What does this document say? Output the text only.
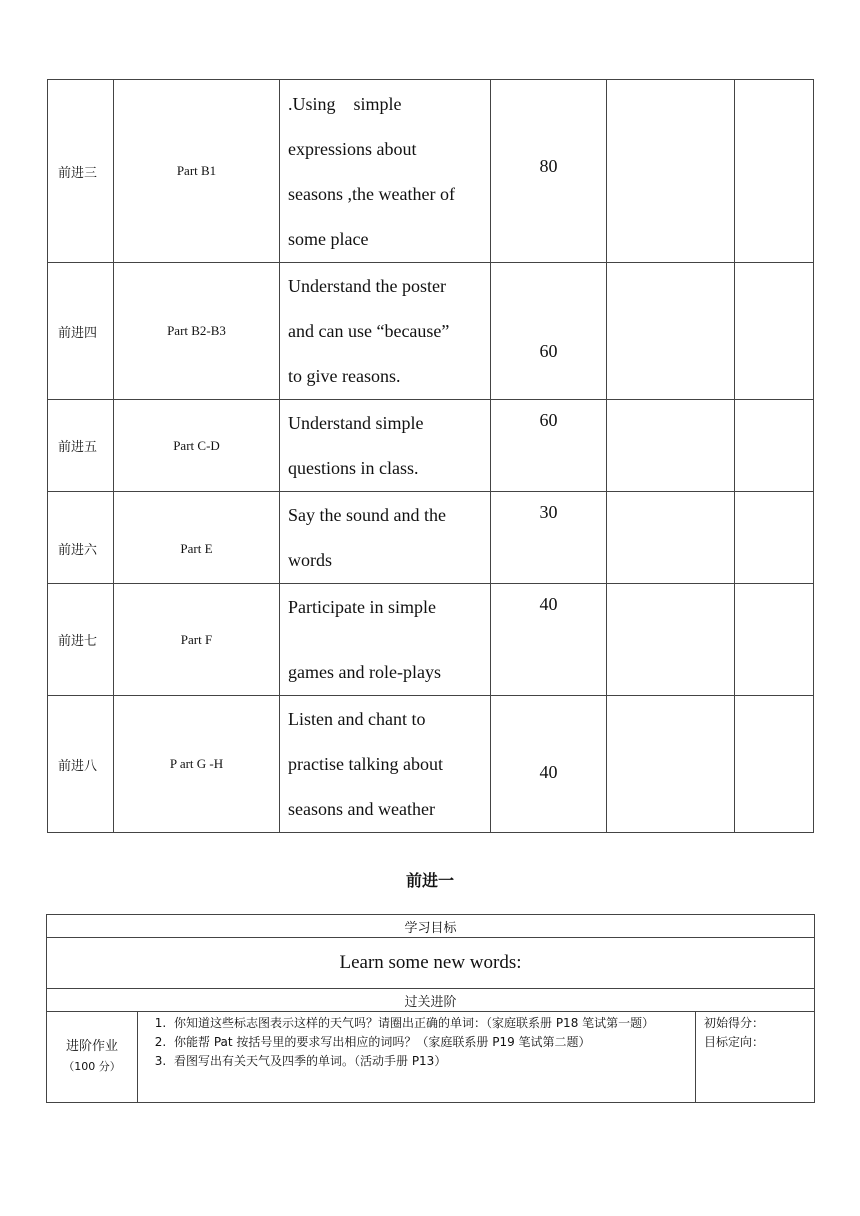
前进三	Part B1	.Using    simple
expressions about
seasons ,the weather of
some place	80		
前进四	Part B2-B3	Understand the poster
and can use “because”
to give reasons.	60		
前进五	Part C-D	Understand simple
questions in class.	60		
前进六	Part E	Say the sound and the
words	30		
前进七	Part F	Participate in simple
games and role-plays	40		
前进八	P art G -H	Listen and chant to
practise talking about
seasons and weather	40		
前进一
学习目标
Learn some new words:
过关进阶
进阶作业
（100 分）	
1. 你知道这些标志图表示这样的天气吗？请圈出正确的单词：（家庭联系册 P18 笔试第一题）
2. 你能帮 Pat 按括号里的要求写出相应的词吗？（家庭联系册 P19 笔试第二题）
3. 看图写出有关天气及四季的单词。（活动手册 P13）
	初始得分：
目标定向：
